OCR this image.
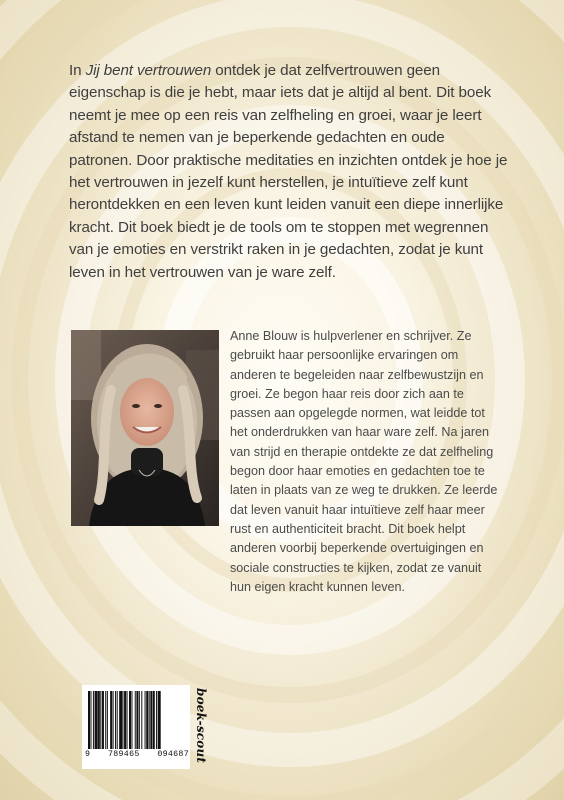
In Jij bent vertrouwen ontdek je dat zelfvertrouwen geen eigenschap is die je hebt, maar iets dat je altijd al bent. Dit boek neemt je mee op een reis van zelfheling en groei, waar je leert afstand te nemen van je beperkende gedachten en oude patronen. Door praktische meditaties en inzichten ontdek je hoe je het vertrouwen in jezelf kunt herstellen, je intuïtieve zelf kunt herontdekken en een leven kunt leiden vanuit een diepe innerlijke kracht. Dit boek biedt je de tools om te stoppen met wegrennen van je emoties en verstrikt raken in je gedachten, zodat je kunt leven in het vertrouwen van je ware zelf.
Anne Blouw is hulpverlener en schrijver. Ze gebruikt haar persoonlijke ervaringen om anderen te begeleiden naar zelfbewustzijn en groei. Ze begon haar reis door zich aan te passen aan opgelegde normen, wat leidde tot het onderdrukken van haar ware zelf. Na jaren van strijd en therapie ontdekte ze dat zelfheling begon door haar emoties en gedachten toe te laten in plaats van ze weg te drukken. Ze leerde dat leven vanuit haar intuïtieve zelf haar meer rust en authenticiteit bracht. Dit boek helpt anderen voorbij beperkende overtuigingen en sociale constructies te kijken, zodat ze vanuit hun eigen kracht kunnen leven.
9 789465 094687 boek-scout
